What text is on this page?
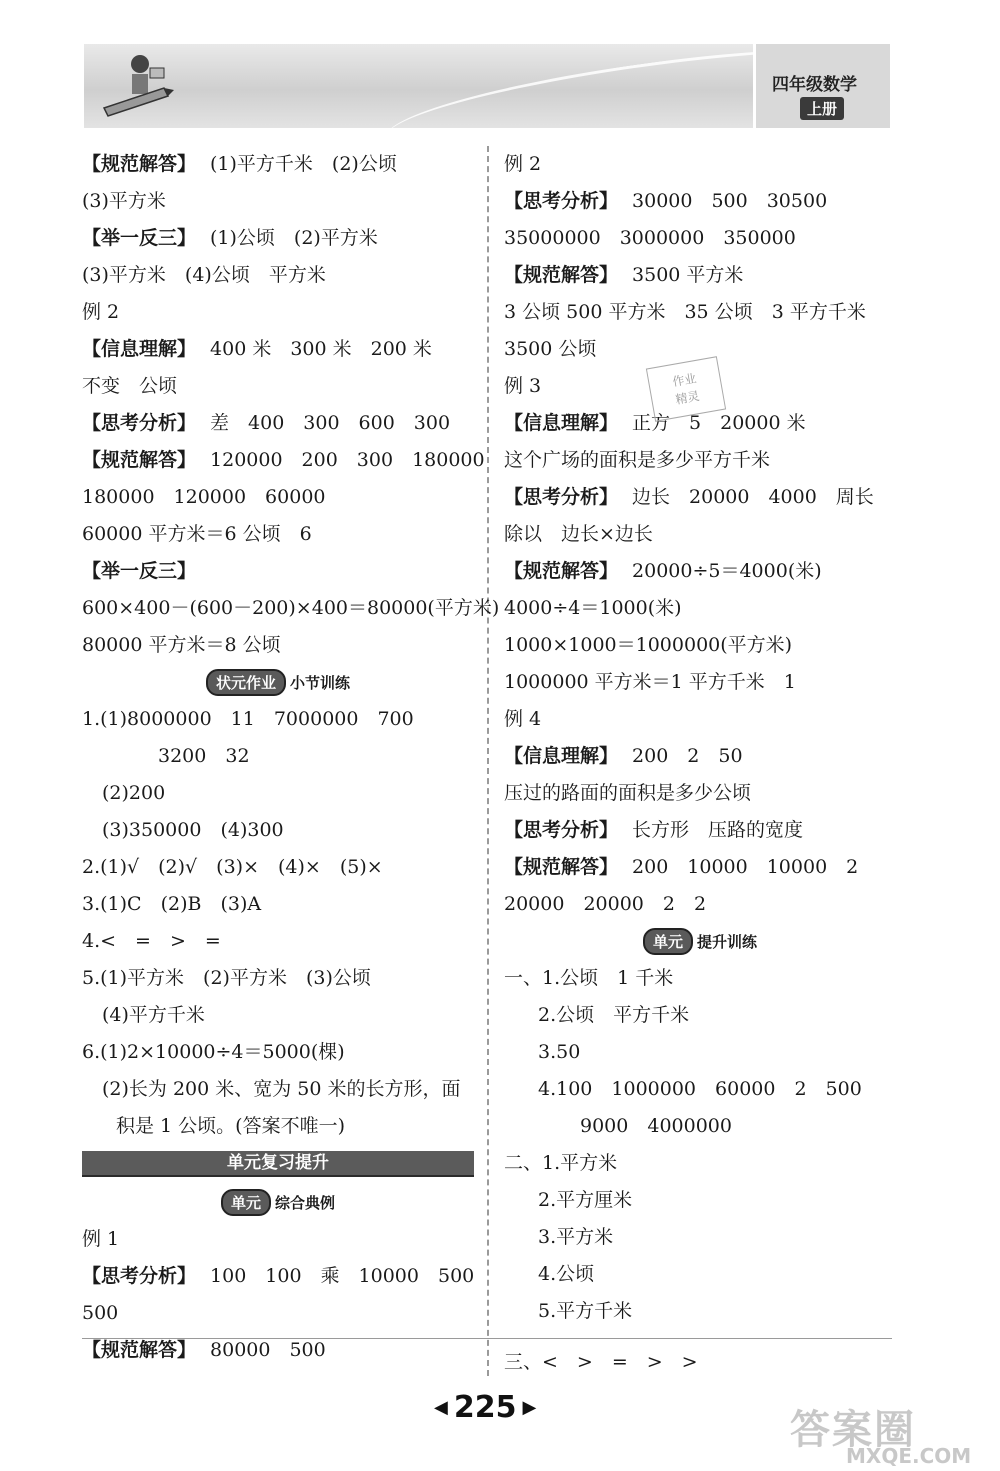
四年级数学
上册
【规范解答】 (1)平方千米　(2)公顷
(3)平方米
【举一反三】 (1)公顷　(2)平方米
(3)平方米　(4)公顷　平方米
例 2
【信息理解】 400 米　300 米　200 米
不变　公顷
【思考分析】 差　400　300　600　300
【规范解答】 120000　200　300　180000
180000　120000　60000
60000 平方米＝6 公顷　6
【举一反三】
600×400－(600－200)×400＝80000(平方米)
80000 平方米＝8 公顷
状元作业 小节训练
1.(1)8000000　11　7000000　700
3200　32
(2)200
(3)350000　(4)300
2.(1)√　(2)√　(3)×　(4)×　(5)×
3.(1)C　(2)B　(3)A
4.<　=　>　=
5.(1)平方米　(2)平方米　(3)公顷
(4)平方千米
6.(1)2×10000÷4＝5000(棵)
(2)长为 200 米、宽为 50 米的长方形，面
积是 1 公顷。(答案不唯一)
单元复习提升
单元 综合典例
例 1
【思考分析】 100　100　乘　10000　500
500
【规范解答】 80000　500
例 2
【思考分析】 30000　500　30500
35000000　3000000　350000
【规范解答】 3500 平方米
3 公顷 500 平方米　35 公顷　3 平方千米
3500 公顷
例 3
【信息理解】 正方　5　20000 米
这个广场的面积是多少平方千米
【思考分析】 边长　20000　4000　周长
除以　边长×边长
【规范解答】 20000÷5＝4000(米)
4000÷4＝1000(米)
1000×1000＝1000000(平方米)
1000000 平方米＝1 平方千米　1
例 4
【信息理解】 200　2　50
压过的路面的面积是多少公顷
【思考分析】 长方形　压路的宽度
【规范解答】 200　10000　10000　2
20000　20000　2　2
单元 提升训练
一、1.公顷　1 千米
2.公顷　平方千米
3.50
4.100　1000000　60000　2　500
9000　4000000
二、1.平方米
2.平方厘米
3.平方米
4.公顷
5.平方千米
三、<　>　=　>　>
作业
精灵
◀ 225 ▶	答案圈
MXQE.COM
